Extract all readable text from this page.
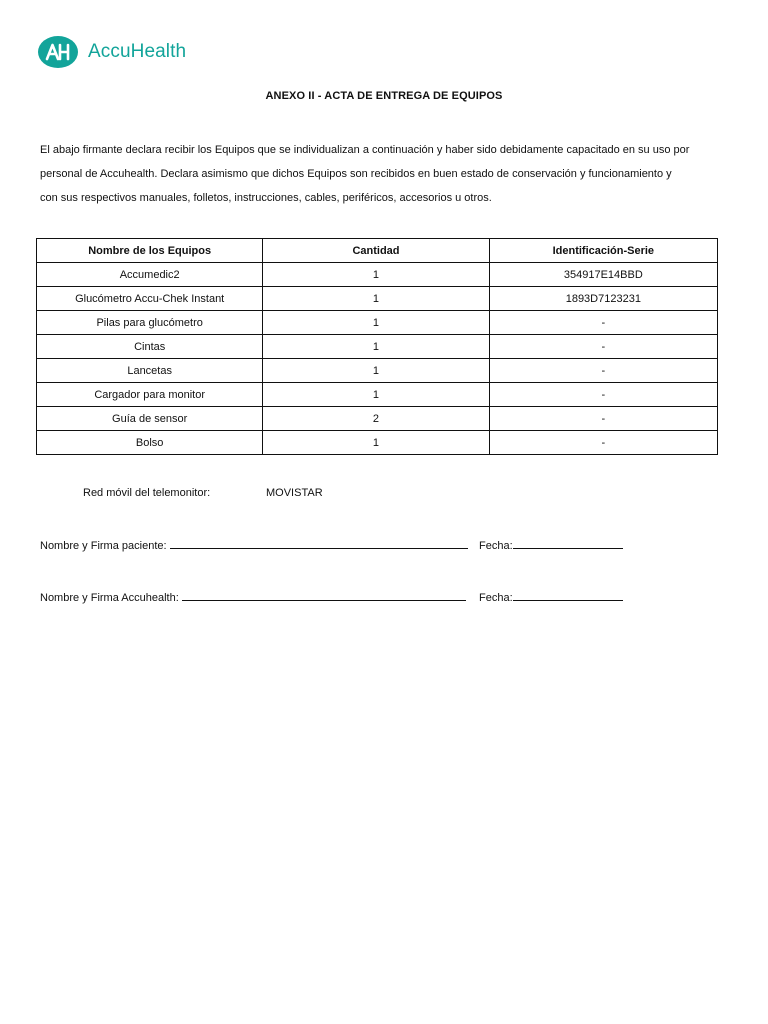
AccuHealth
ANEXO II - ACTA DE ENTREGA DE EQUIPOS

El abajo firmante declara recibir los Equipos que se individualizan a continuación y haber sido debidamente capacitado en su uso por

personal de Accuhealth. Declara asimismo que dichos Equipos son recibidos en buen estado de conservación y funcionamiento y

con sus respectivos manuales, folletos, instrucciones, cables, periféricos, accesorios u otros.

Nombre de los Equipos	Cantidad	Identificación-Serie
Accumedic2	1	354917E14BBD
Glucómetro Accu-Chek Instant	1	1893D7123231
Pilas para glucómetro	1	-
Cintas	1	-
Lancetas	1	-
Cargador para monitor	1	-
Guía de sensor	2	-
Bolso	1	-
Red móvil del telemonitor:	MOVISTAR
Nombre y Firma paciente:	Fecha:
Nombre y Firma Accuhealth:	Fecha:
